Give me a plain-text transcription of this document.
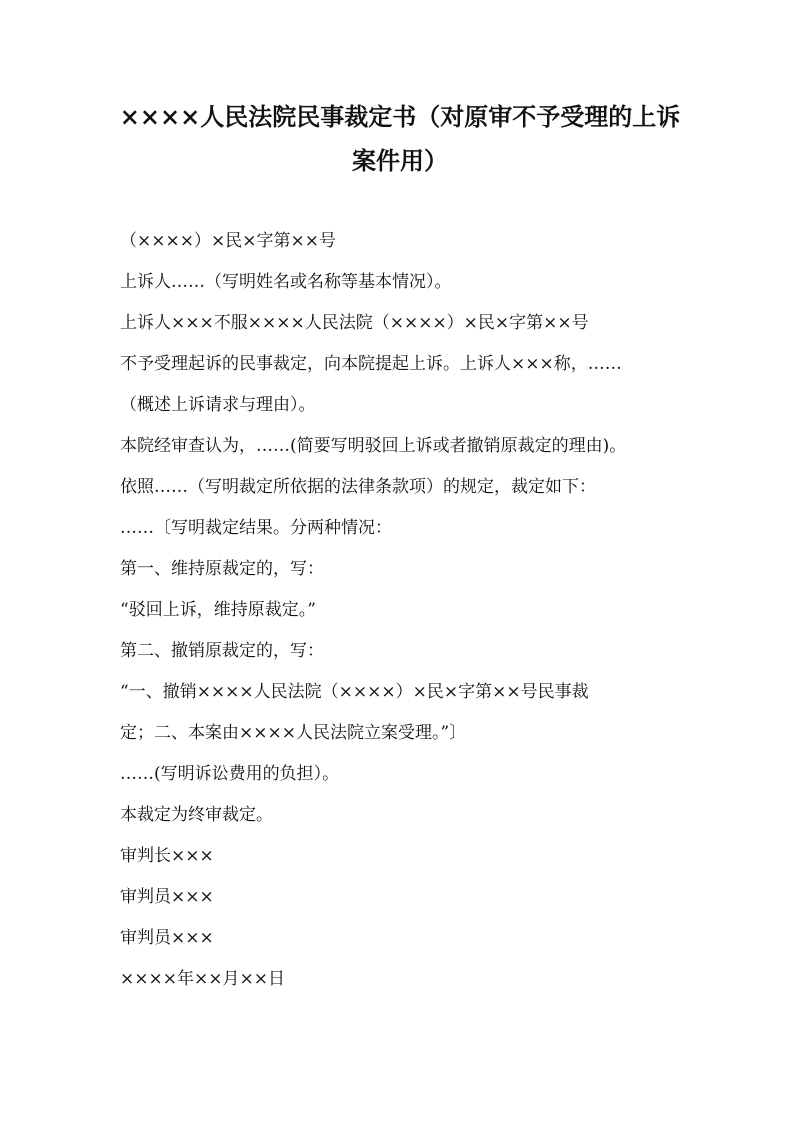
××××人民法院民事裁定书（对原审不予受理的上诉案件用）
（××××）×民×字第××号
上诉人……（写明姓名或名称等基本情况）。
上诉人×××不服××××人民法院（××××）×民×字第××号
不予受理起诉的民事裁定，向本院提起上诉。上诉人×××称，……
（概述上诉请求与理由）。
本院经审查认为，……(简要写明驳回上诉或者撤销原裁定的理由)。
依照……（写明裁定所依据的法律条款项）的规定，裁定如下：
……〔写明裁定结果。分两种情况：
第一、维持原裁定的，写：
“驳回上诉，维持原裁定。”
第二、撤销原裁定的，写：
“一、撤销××××人民法院（××××）×民×字第××号民事裁
定；二、本案由××××人民法院立案受理。”〕
……(写明诉讼费用的负担）。
本裁定为终审裁定。
审判长×××
审判员×××
审判员×××
××××年××月××日
